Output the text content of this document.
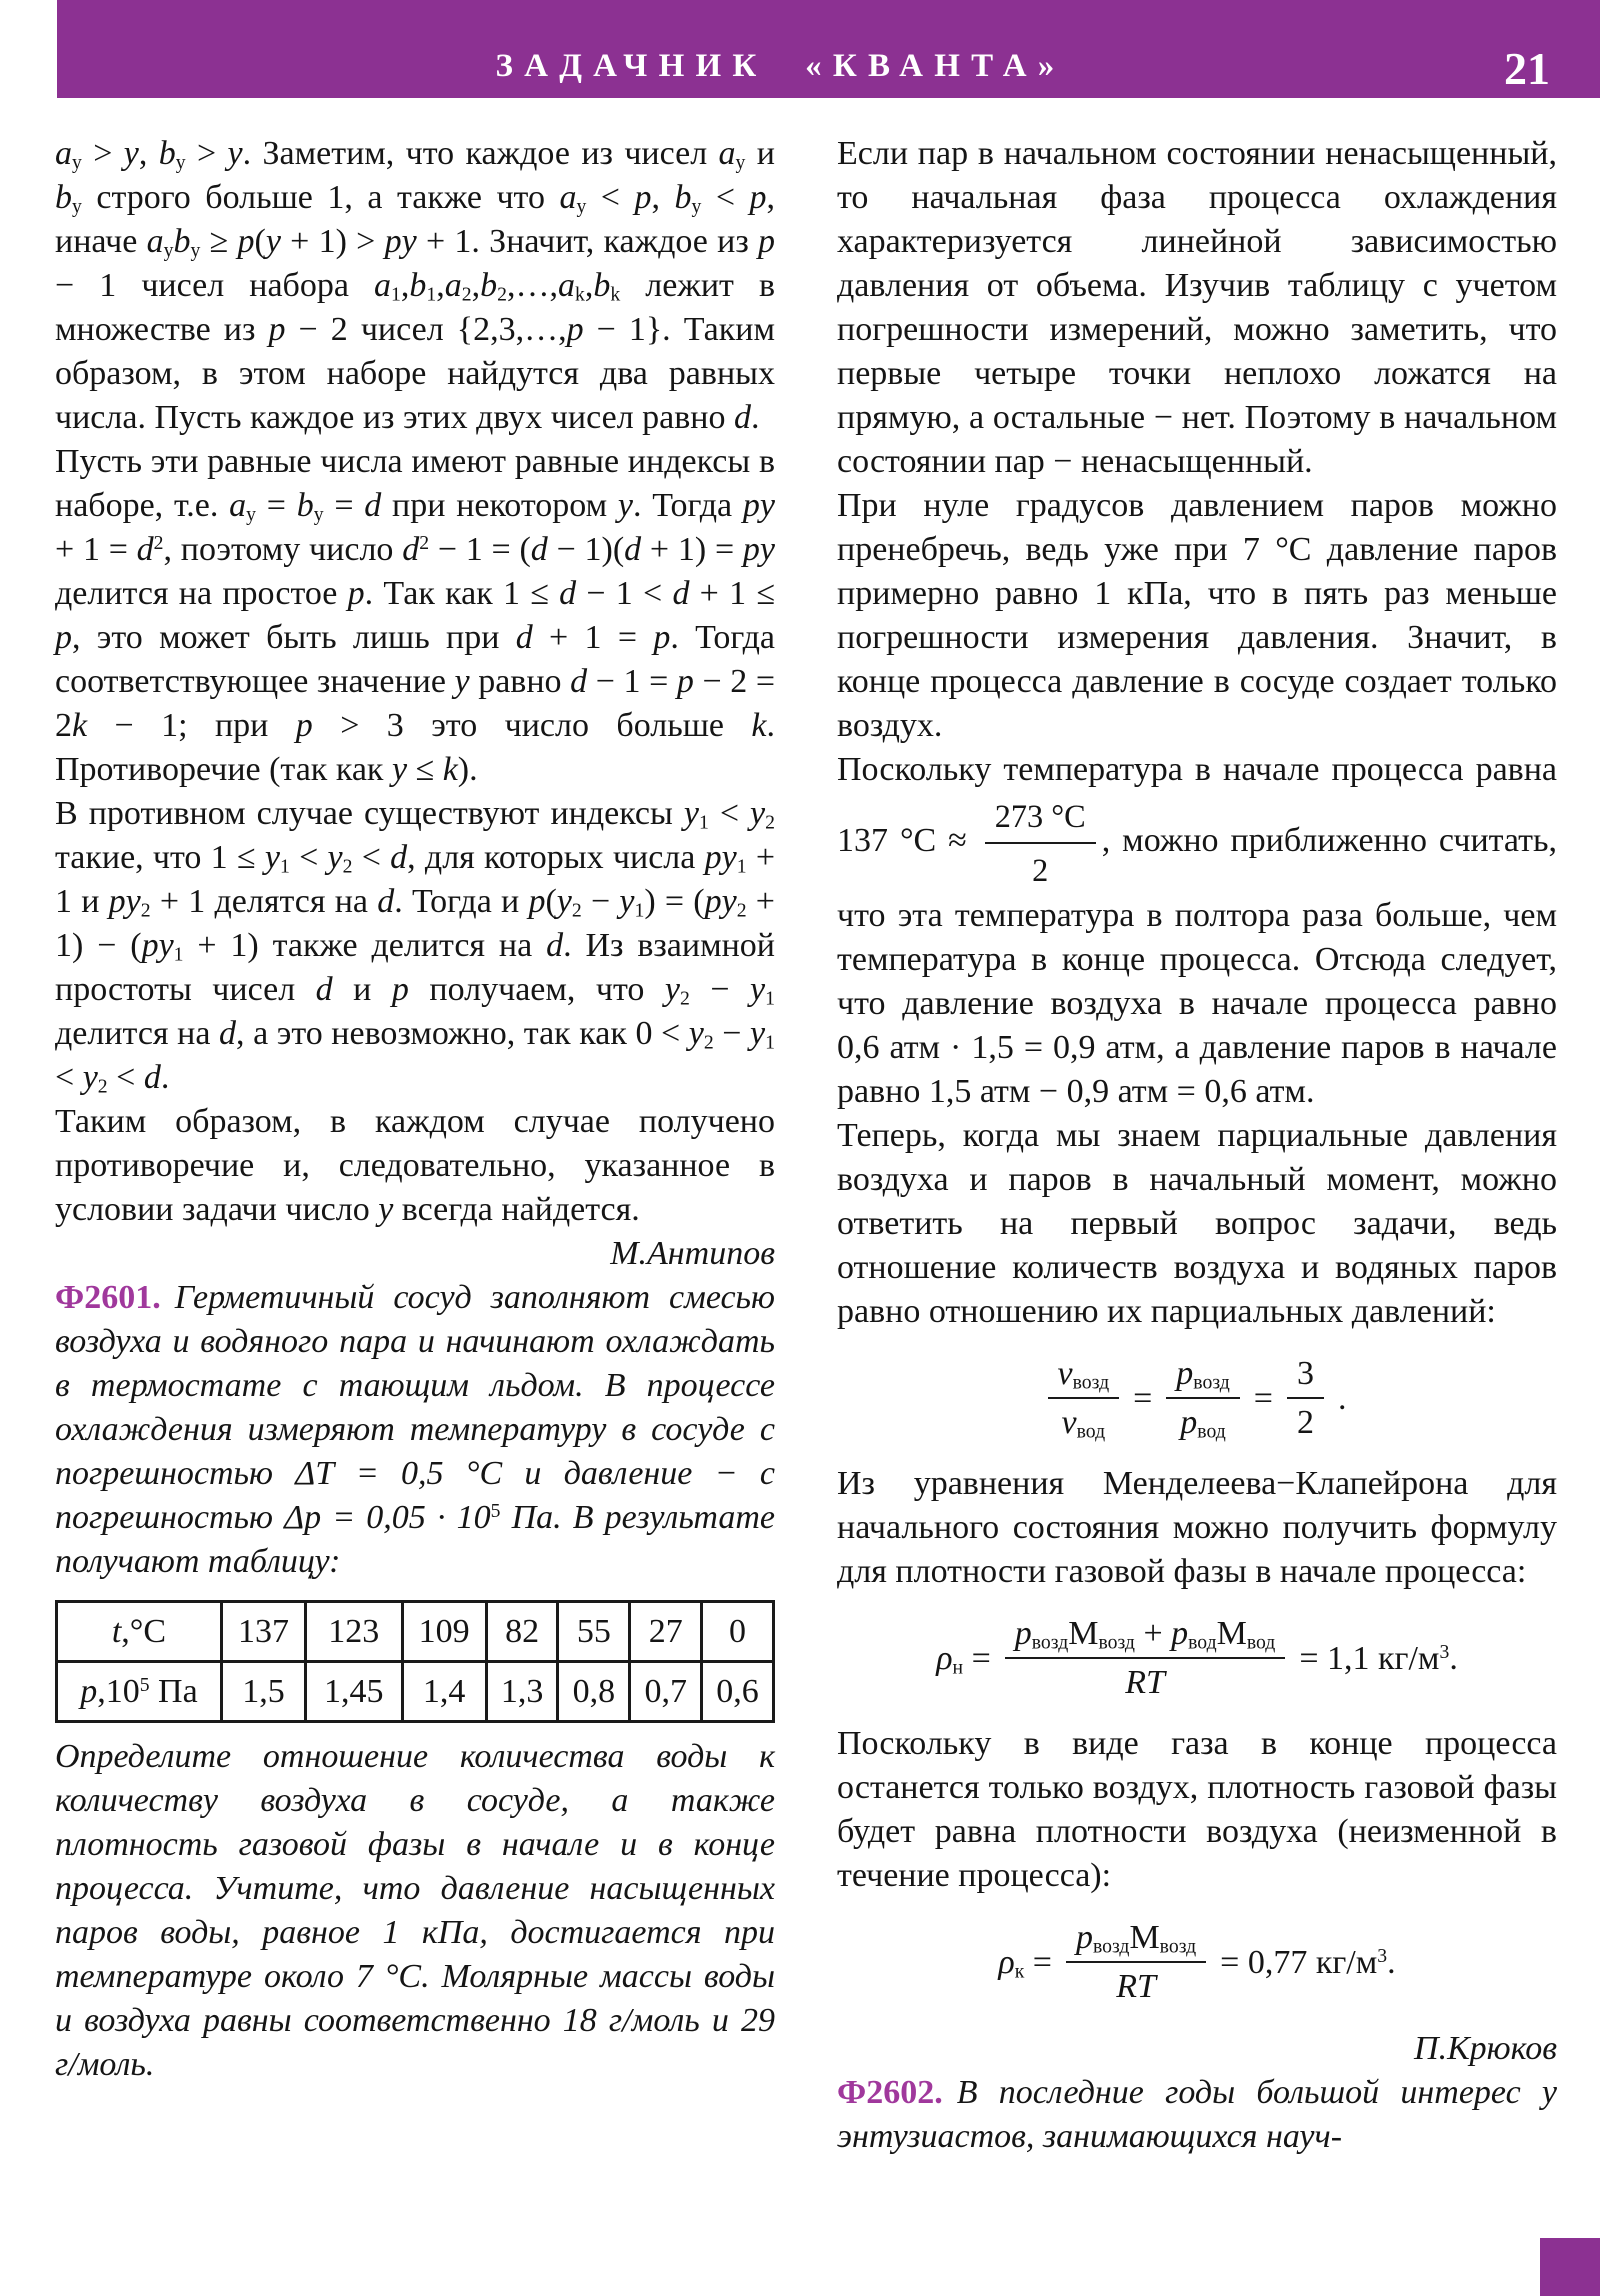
ЗАДАЧНИК «КВАНТА»	21

$a_y > y$, $b_y > y$. Заметим, что каждое из чисел $a_y$ и $b_y$ строго больше 1, а также что $a_y < p$, $b_y < p$, иначе $a_yb_y \ge p(y + 1)$ > py + 1. Значит, каждое из p − 1 чисел набора $a_1,b_1,a_2,b_2,\dots,a_k,b_k$ лежит в множестве из p − 2 чисел {2,3,…,p − 1}. Таким образом, в этом наборе найдутся два равных числа. Пусть каждое из этих двух чисел равно d.

Пусть эти равные числа имеют равные индексы в наборе, т.е. $a_y = b_y = d$ при некотором y. Тогда py + $1 = d^2$, поэтому число $d^2 - 1 = (d - 1)(d + 1)$ = py делится на простое p. Так как 1 ≤ d − 1 < d + 1 ≤ p, это может быть лишь при d + 1 = p. Тогда соответствующее значение y равно d − 1 = p − 2 = 2k − 1; при p > 3 это число больше k. Противоречие (так как y ≤ k).

В противном случае существуют индексы $y_1 < y_2$ такие, что $1 \le y_1 < y_2 < d$, для которых числа $py_1 + 1$ и $py_2 + 1$ делятся на d. Тогда и $p(y_2 - y_1) = (py_2 + 1) - (py_1 + 1)$ также делится на d. Из взаимной простоты чисел d и p получаем, что $y_2 - y_1$ делится на d, а это невозможно, так как $0 < y_2 - y_1 < y_2 < d$.

Таким образом, в каждом случае получено противоречие и, следовательно, указанное в условии задачи число y всегда найдется.

М.Антипов

Ф2601. Герметичный сосуд заполняют смесью воздуха и водяного пара и начинают охлаждать в термостате с тающим льдом. В процессе охлаждения измеряют температуру в сосуде с погрешностью ΔT = 0,5 °C и давление − с погрешностью $\Delta p = 0,05 \cdot 10^5$ Па. В результате получают таблицу:

t,°C	137	123	109	82	55	27	0
$p,10^5$ Па	1,5	1,45	1,4	1,3	0,8	0,7	0,6

Определите отношение количества воды к количеству воздуха в сосуде, а также плотность газовой фазы в начале и в конце процесса. Учтите, что давление насыщенных паров воды, равное 1 кПа, достигается при температуре около 7 °C. Молярные массы воды и воздуха равны соответственно 18 г/моль и 29 г/моль.

Если пар в начальном состоянии ненасыщенный, то начальная фаза процесса охлаждения характеризуется линейной зависимостью давления от объема. Изучив таблицу с учетом погрешности измерений, можно заметить, что первые четыре точки неплохо ложатся на прямую, а остальные − нет. Поэтому в начальном состоянии пар − ненасыщенный.

При нуле градусов давлением паров можно пренебречь, ведь уже при 7 °C давление паров примерно равно 1 кПа, что в пять раз меньше погрешности измерения давления. Значит, в конце процесса давление в сосуде создает только воздух.

Поскольку температура в начале процесса равна 137 $^\circ C \approx \frac{273 ^\circ C}{2}$ , можно приближенно считать, что эта температура в полтора раза больше, чем температура в конце процесса. Отсюда следует, что давление воздуха в начале процесса равно 0,6 атм · 1,5 = 0,9 атм, а давление паров в начале равно 1,5 атм − 0,9 атм = 0,6 атм.

Теперь, когда мы знаем парциальные давления воздуха и паров в начальный момент, можно ответить на первый вопрос задачи, ведь отношение количеств воздуха и водяных паров равно отношению их парциальных давлений:

$\frac{\nu_{возд}}{\nu_{вод}} = \frac{p_{возд}}{p_{вод}} = \frac{3}{2}$ .

Из уравнения Менделеева−Клапейрона для начального состояния можно получить формулу для плотности газовой фазы в начале процесса:

$\rho_н = \frac{p_{возд}M_{возд} + p_{вод}M_{вод}}{RT} = 1,1$ $кг/м^3$.

Поскольку в виде газа в конце процесса останется только воздух, плотность газовой фазы будет равна плотности воздуха (неизменной в течение процесса):

$\rho_к = \frac{p_{возд}M_{возд}}{RT} = 0,77$ $кг/м^3$.

П.Крюков

Ф2602. В последние годы большой интерес у энтузиастов, занимающихся науч-
